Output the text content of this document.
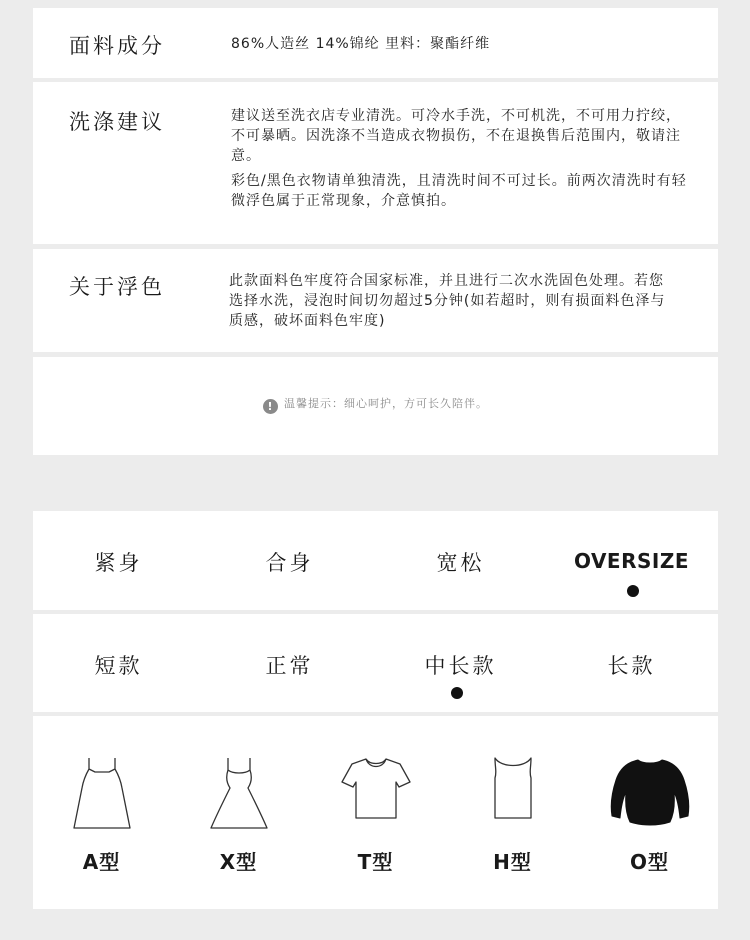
面料成分	86%人造丝 14%锦纶 里料：聚酯纤维
洗涤建议	建议送至洗衣店专业清洗。可冷水手洗，不可机洗，不可用力拧绞，不可暴晒。因洗涤不当造成衣物损伤，不在退换售后范围内，敬请注意。
彩色/黑色衣物请单独清洗，且清洗时间不可过长。前两次清洗时有轻微浮色属于正常现象，介意慎拍。
关于浮色	此款面料色牢度符合国家标准，并且进行二次水洗固色处理。若您选择水洗，浸泡时间切勿超过5分钟(如若超时，则有损面料色泽与质感，破坏面料色牢度)
! 温馨提示：细心呵护，方可长久陪伴。
紧身	合身	宽松	OVERSIZE
短款	正常	中长款	长款
A型	X型	T型	H型	O型
